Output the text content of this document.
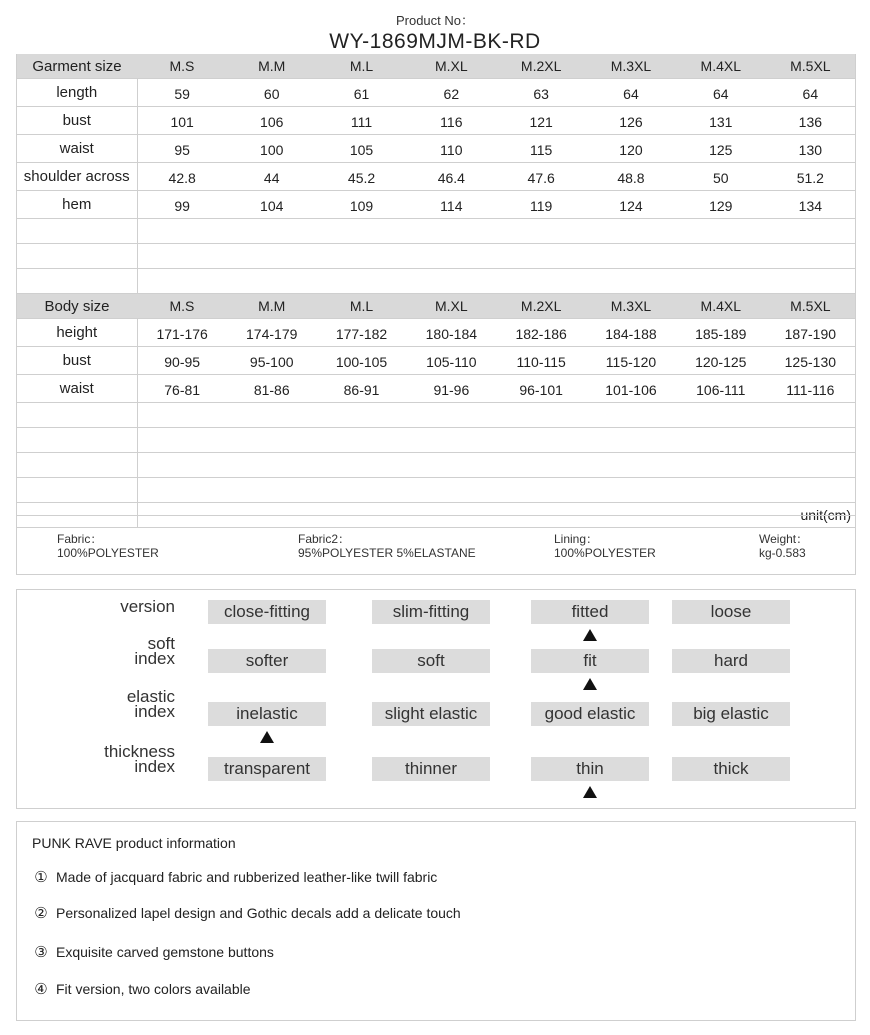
Product No：
WY-1869MJM-BK-RD
Garment size	M.S	M.M	M.L	M.XL	M.2XL	M.3XL	M.4XL	M.5XL
length	59	60	61	62	63	64	64	64
bust	101	106	111	116	121	126	131	136
waist	95	100	105	110	115	120	125	130
shoulder across	42.8	44	45.2	46.4	47.6	48.8	50	51.2
hem	99	104	109	114	119	124	129	134

Body size	M.S	M.M	M.L	M.XL	M.2XL	M.3XL	M.4XL	M.5XL
height	171-176	174-179	177-182	180-184	182-186	184-188	185-189	187-190
bust	90-95	95-100	100-105	105-110	110-115	115-120	120-125	125-130
waist	76-81	81-86	86-91	91-96	96-101	101-106	106-111	111-116

	unit(cm)							
Fabric：
100%POLYESTER
Fabric2：
95%POLYESTER 5%ELASTANE
Lining：
100%POLYESTER
Weight：
kg-0.583
version	close-fitting	slim-fitting	fitted	loose
soft
index	softer	soft	fit	hard
elastic
index	inelastic	slight elastic	good elastic	big elastic
thickness
index	transparent	thinner	thin	thick
PUNK RAVE product information
① Made of jacquard fabric and rubberized leather-like twill fabric
② Personalized lapel design and Gothic decals add a delicate touch
③ Exquisite carved gemstone buttons
④ Fit version, two colors available
